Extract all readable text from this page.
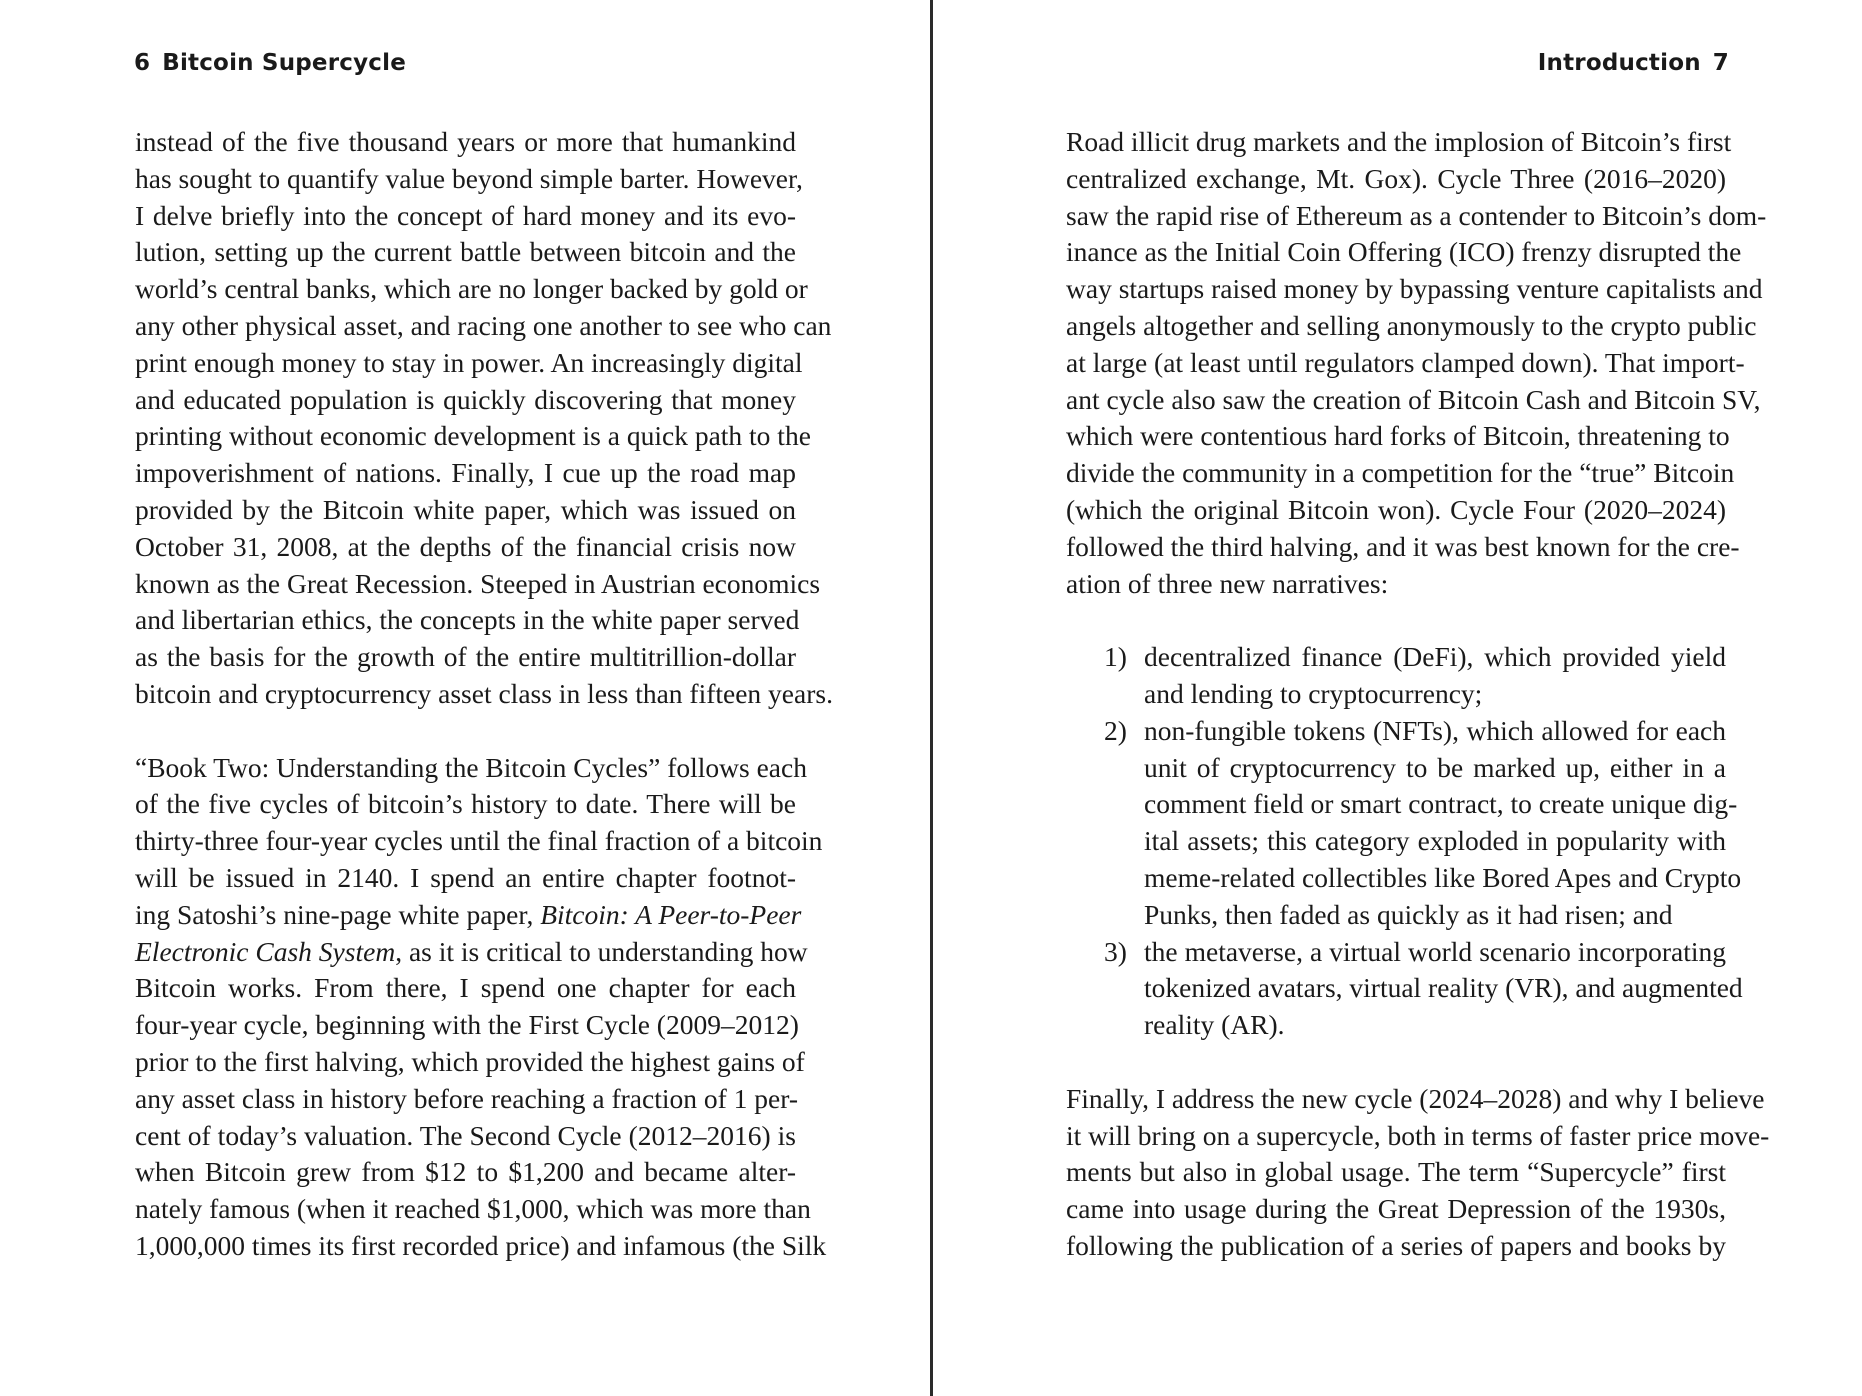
6 Bitcoin Supercycle
instead of the five thousand years or more that humankind
has sought to quantify value beyond simple barter. However,
I delve briefly into the concept of hard money and its evo-
lution, setting up the current battle between bitcoin and the
world’s central banks, which are no longer backed by gold or
any other physical asset, and racing one another to see who can
print enough money to stay in power. An increasingly digital
and educated population is quickly discovering that money
printing without economic development is a quick path to the
impoverishment of nations. Finally, I cue up the road map
provided by the Bitcoin white paper, which was issued on
October 31, 2008, at the depths of the financial crisis now
known as the Great Recession. Steeped in Austrian economics
and libertarian ethics, the concepts in the white paper served
as the basis for the growth of the entire multitrillion-dollar
bitcoin and cryptocurrency asset class in less than fifteen years.
“Book Two: Understanding the Bitcoin Cycles” follows each
of the five cycles of bitcoin’s history to date. There will be
thirty-three four-year cycles until the final fraction of a bitcoin
will be issued in 2140. I spend an entire chapter footnot-
ing Satoshi’s nine-page white paper, Bitcoin: A Peer-to-Peer
Electronic Cash System, as it is critical to understanding how
Bitcoin works. From there, I spend one chapter for each
four-year cycle, beginning with the First Cycle (2009–2012)
prior to the first halving, which provided the highest gains of
any asset class in history before reaching a fraction of 1 per-
cent of today’s valuation. The Second Cycle (2012–2016) is
when Bitcoin grew from $12 to $1,200 and became alter-
nately famous (when it reached $1,000, which was more than
1,000,000 times its first recorded price) and infamous (the Silk
Introduction 7
Road illicit drug markets and the implosion of Bitcoin’s first
centralized exchange, Mt. Gox). Cycle Three (2016–2020)
saw the rapid rise of Ethereum as a contender to Bitcoin’s dom-
inance as the Initial Coin Offering (ICO) frenzy disrupted the
way startups raised money by bypassing venture capitalists and
angels altogether and selling anonymously to the crypto public
at large (at least until regulators clamped down). That import-
ant cycle also saw the creation of Bitcoin Cash and Bitcoin SV,
which were contentious hard forks of Bitcoin, threatening to
divide the community in a competition for the “true” Bitcoin
(which the original Bitcoin won). Cycle Four (2020–2024)
followed the third halving, and it was best known for the cre-
ation of three new narratives:
1) decentralized finance (DeFi), which provided yield
and lending to cryptocurrency;
2) non-fungible tokens (NFTs), which allowed for each
unit of cryptocurrency to be marked up, either in a
comment field or smart contract, to create unique dig-
ital assets; this category exploded in popularity with
meme-related collectibles like Bored Apes and Crypto
Punks, then faded as quickly as it had risen; and
3) the metaverse, a virtual world scenario incorporating
tokenized avatars, virtual reality (VR), and augmented
reality (AR).
Finally, I address the new cycle (2024–2028) and why I believe
it will bring on a supercycle, both in terms of faster price move-
ments but also in global usage. The term “Supercycle” first
came into usage during the Great Depression of the 1930s,
following the publication of a series of papers and books by
